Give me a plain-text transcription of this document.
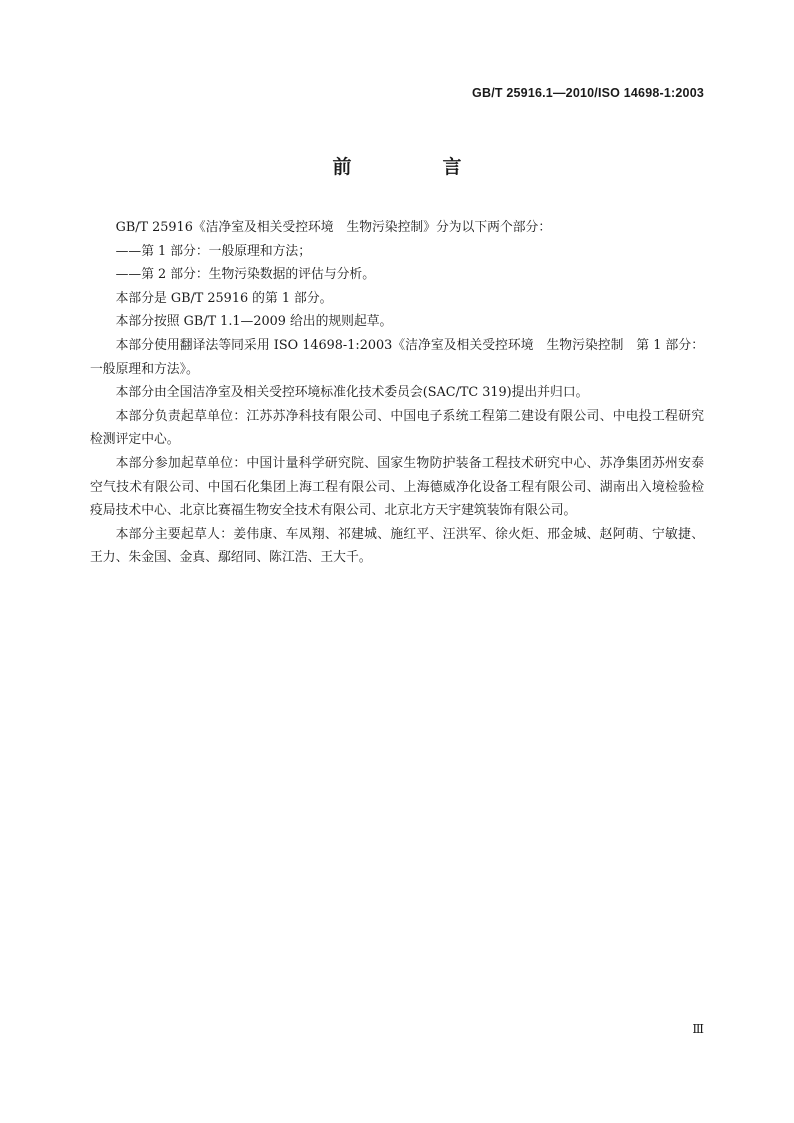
GB/T 25916.1—2010/ISO 14698-1:2003
前　言

GB/T 25916《洁净室及相关受控环境　生物污染控制》分为以下两个部分：

——第 1 部分：一般原理和方法；

——第 2 部分：生物污染数据的评估与分析。

本部分是 GB/T 25916 的第 1 部分。

本部分按照 GB/T 1.1—2009 给出的规则起草。

本部分使用翻译法等同采用 ISO 14698-1:2003《洁净室及相关受控环境　生物污染控制　第 1 部分：一般原理和方法》。

本部分由全国洁净室及相关受控环境标准化技术委员会(SAC/TC 319)提出并归口。

本部分负责起草单位：江苏苏净科技有限公司、中国电子系统工程第二建设有限公司、中电投工程研究检测评定中心。

本部分参加起草单位：中国计量科学研究院、国家生物防护装备工程技术研究中心、苏净集团苏州安泰空气技术有限公司、中国石化集团上海工程有限公司、上海德威净化设备工程有限公司、湖南出入境检验检疫局技术中心、北京比赛福生物安全技术有限公司、北京北方天宇建筑装饰有限公司。

本部分主要起草人：姜伟康、车凤翔、祁建城、施红平、汪洪军、徐火炬、邢金城、赵阿萌、宁敏捷、王力、朱金国、金真、鄢绍同、陈江浩、王大千。

Ⅲ
